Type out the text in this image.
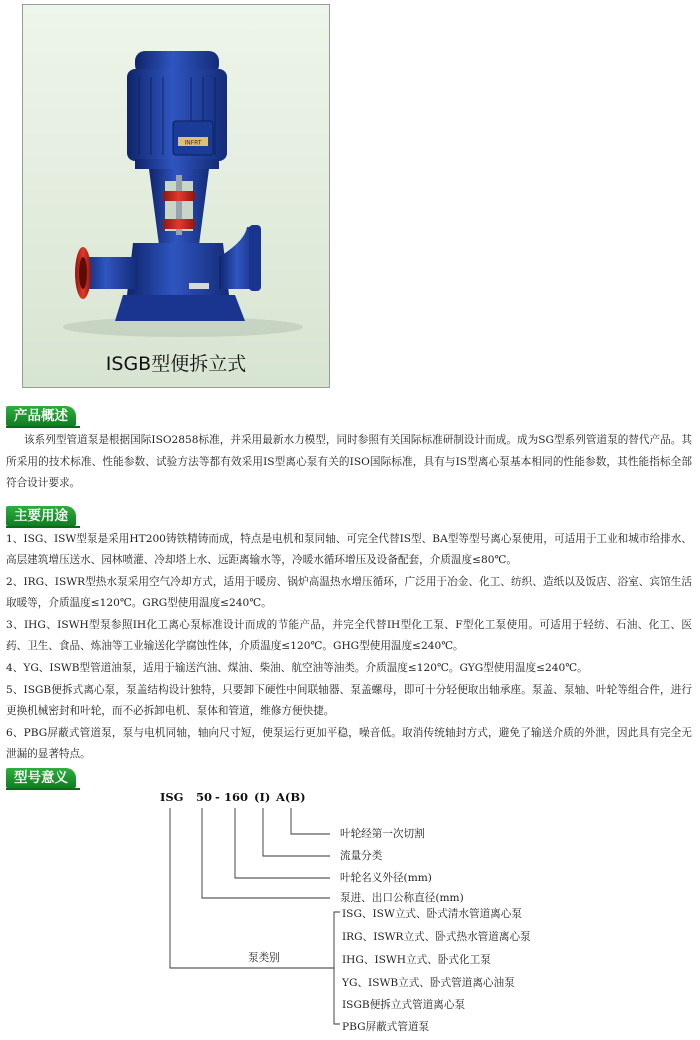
INFRT
ISGB型便拆立式
产品概述

该系列型管道泵是根据国际ISO2858标准，并采用最新水力模型，同时参照有关国际标准研制设计而成。成为SG型系列管道泵的替代产品。其所采用的技术标准、性能参数、试验方法等都有效采用IS型离心泵有关的ISO国际标准，具有与IS型离心泵基本相同的性能参数，其性能指标全部符合设计要求。

主要用途

1、ISG、ISW型泵是采用HT200铸铁精铸而成，特点是电机和泵同轴、可完全代替IS型、BA型等型号离心泵使用，可适用于工业和城市给排水、高层建筑增压送水、园林喷灌、冷却塔上水、远距离输水等，冷暖水循环增压及设备配套，介质温度≤80℃。

2、IRG、ISWR型热水泵采用空气冷却方式，适用于暖房、锅炉高温热水增压循环，广泛用于冶金、化工、纺织、造纸以及饭店、浴室、宾馆生活取暖等，介质温度≤120℃。GRG型使用温度≤240℃。

3、IHG、ISWH型泵参照IH化工离心泵标准设计而成的节能产品，并完全代替IH型化工泵、F型化工泵使用。可适用于轻纺、石油、化工、医药、卫生、食品、炼油等工业输送化学腐蚀性体，介质温度≤120℃。GHG型使用温度≤240℃。

4、YG、ISWB型管道油泵，适用于输送汽油、煤油、柴油、航空油等油类。介质温度≤120℃。GYG型使用温度≤240℃。

5、ISGB便拆式离心泵，泵盖结构设计独特，只要卸下硬性中间联轴器、泵盖螺母，即可十分轻便取出轴承座。泵盖、泵轴、叶轮等组合件，进行更换机械密封和叶轮，而不必拆卸电机、泵体和管道，维修方便快捷。

6、PBG屏蔽式管道泵，泵与电机同轴，轴向尺寸短，使泵运行更加平稳，噪音低。取消传统轴封方式，避免了输送介质的外泄，因此具有完全无泄漏的显著特点。

型号意义
ISG 50 - 160 (I) A(B)
叶轮经第一次切割
流量分类
叶轮名义外径(mm)
泵进、出口公称直径(mm)
泵类别
ISG、ISW立式、卧式清水管道离心泵
IRG、ISWR立式、卧式热水管道离心泵
IHG、ISWH立式、卧式化工泵
YG、ISWB立式、卧式管道离心油泵
ISGB便拆立式管道离心泵
PBG屏蔽式管道泵
